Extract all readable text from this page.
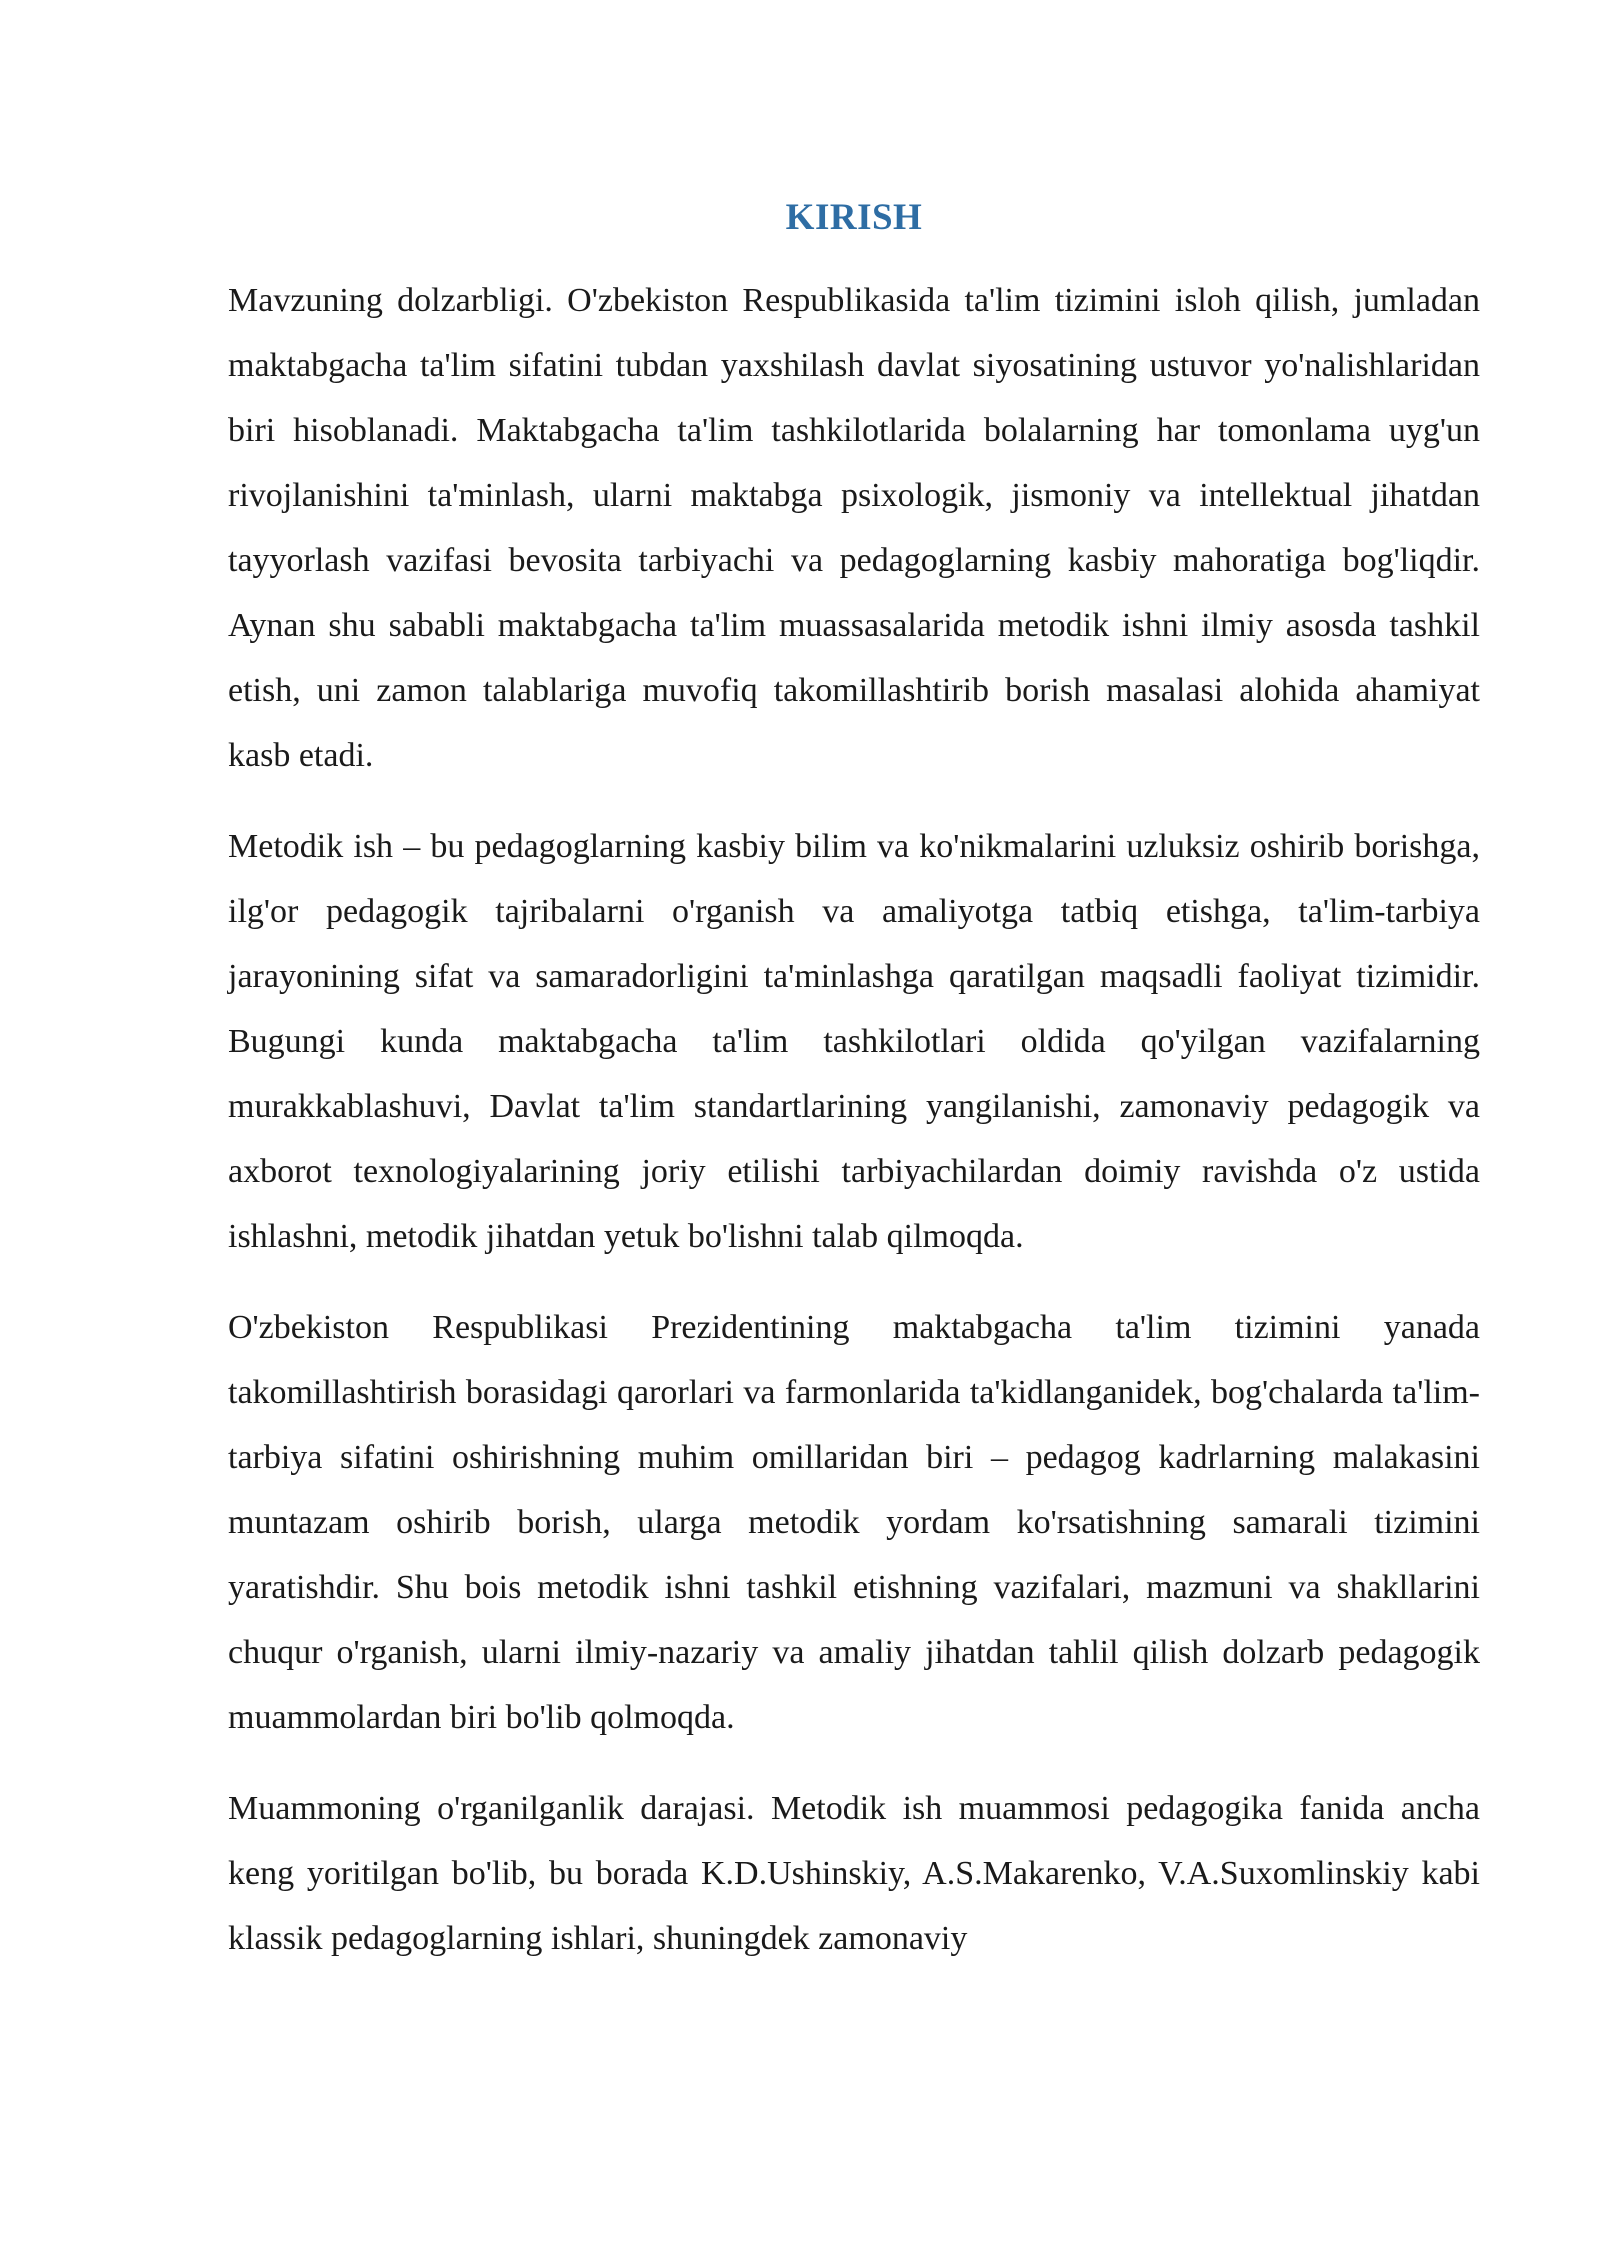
KIRISH

Mavzuning dolzarbligi. O'zbekiston Respublikasida ta'lim tizimini isloh qilish, jumladan maktabgacha ta'lim sifatini tubdan yaxshilash davlat siyosatining ustuvor yo'nalishlaridan biri hisoblanadi. Maktabgacha ta'lim tashkilotlarida bolalarning har tomonlama uyg'un rivojlanishini ta'minlash, ularni maktabga psixologik, jismoniy va intellektual jihatdan tayyorlash vazifasi bevosita tarbiyachi va pedagoglarning kasbiy mahoratiga bog'liqdir. Aynan shu sababli maktabgacha ta'lim muassasalarida metodik ishni ilmiy asosda tashkil etish, uni zamon talablariga muvofiq takomillashtirib borish masalasi alohida ahamiyat kasb etadi.

Metodik ish – bu pedagoglarning kasbiy bilim va ko'nikmalarini uzluksiz oshirib borishga, ilg'or pedagogik tajribalarni o'rganish va amaliyotga tatbiq etishga, ta'lim-tarbiya jarayonining sifat va samaradorligini ta'minlashga qaratilgan maqsadli faoliyat tizimidir. Bugungi kunda maktabgacha ta'lim tashkilotlari oldida qo'yilgan vazifalarning murakkablashuvi, Davlat ta'lim standartlarining yangilanishi, zamonaviy pedagogik va axborot texnologiyalarining joriy etilishi tarbiyachilardan doimiy ravishda o'z ustida ishlashni, metodik jihatdan yetuk bo'lishni talab qilmoqda.

O'zbekiston Respublikasi Prezidentining maktabgacha ta'lim tizimini yanada takomillashtirish borasidagi qarorlari va farmonlarida ta'kidlanganidek, bog'chalarda ta'lim-tarbiya sifatini oshirishning muhim omillaridan biri – pedagog kadrlarning malakasini muntazam oshirib borish, ularga metodik yordam ko'rsatishning samarali tizimini yaratishdir. Shu bois metodik ishni tashkil etishning vazifalari, mazmuni va shakllarini chuqur o'rganish, ularni ilmiy-nazariy va amaliy jihatdan tahlil qilish dolzarb pedagogik muammolardan biri bo'lib qolmoqda.

Muammoning o'rganilganlik darajasi. Metodik ish muammosi pedagogika fanida ancha keng yoritilgan bo'lib, bu borada K.D.Ushinskiy, A.S.Makarenko, V.A.Suxomlinskiy kabi klassik pedagoglarning ishlari, shuningdek zamonaviy
